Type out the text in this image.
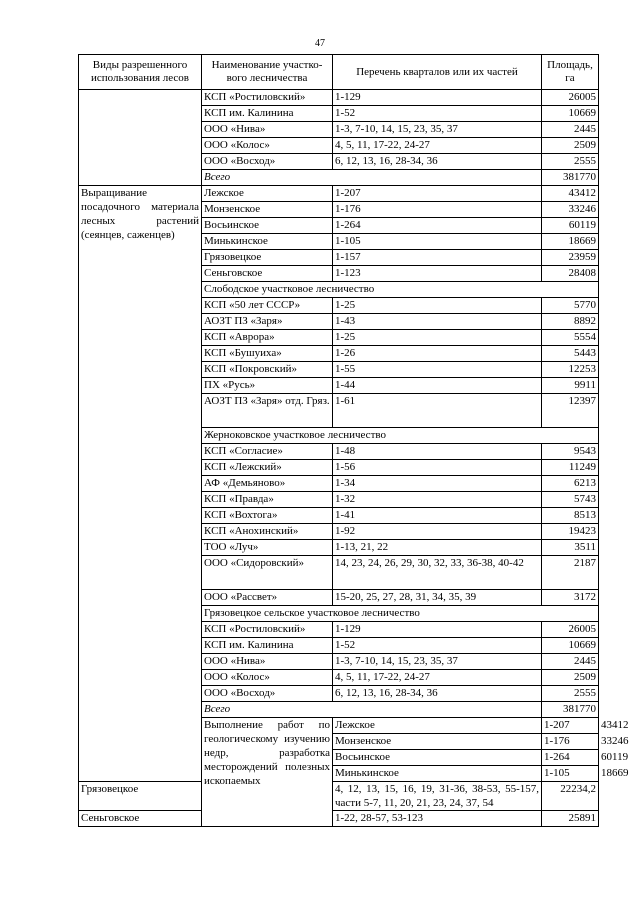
47
Виды разрешенного использования лесов	Наименование участко-вого лесничества	Перечень кварталов или их частей	Площадь, га	
	КСП «Ростиловский»	1-129	26005	
	КСП им. Калинина	1-52	10669	
	ООО «Нива»	1-3, 7-10, 14, 15, 23, 35, 37	2445	
	ООО «Колос»	4, 5, 11, 17-22, 24-27	2509	
	ООО «Восход»	6, 12, 13, 16, 28-34, 36	2555	
	Всего		381770	
Выращивание посадочного материала лесных растений (сеянцев, саженцев)	Лежское	1-207	43412	
	Монзенское	1-176	33246	
	Восьинское	1-264	60119	
	Минькинское	1-105	18669	
	Грязовецкое	1-157	23959	
	Сеньговское	1-123	28408	
	Слободское участковое лесничество			
	КСП «50 лет СССР»	1-25	5770	
	АОЗТ ПЗ «Заря»	1-43	8892	
	КСП «Аврора»	1-25	5554	
	КСП «Бушуиха»	1-26	5443	
	КСП «Покровский»	1-55	12253	
	ПХ «Русь»	1-44	9911	
	АОЗТ ПЗ «Заря» отд. Гряз.	1-61	12397	
	Жерноковское участковое лесничество			
	КСП «Согласие»	1-48	9543	
	КСП «Лежский»	1-56	11249	
	АФ «Демьяново»	1-34	6213	
	КСП «Правда»	1-32	5743	
	КСП «Вохтога»	1-41	8513	
	КСП «Анохинский»	1-92	19423	
	ТОО «Луч»	1-13, 21, 22	3511	
	ООО «Сидоровский»	14, 23, 24, 26, 29, 30, 32, 33, 36-38, 40-42	2187	
	ООО «Рассвет»	15-20, 25, 27, 28, 31, 34, 35, 39	3172	
	Грязовецкое сельское участковое лесничество			
	КСП «Ростиловский»	1-129	26005	
	КСП им. Калинина	1-52	10669	
	ООО «Нива»	1-3, 7-10, 14, 15, 23, 35, 37	2445	
	ООО «Колос»	4, 5, 11, 17-22, 24-27	2509	
	ООО «Восход»	6, 12, 13, 16, 28-34, 36	2555	
	Всего		381770	
	Выполнение работ по геологическому изучению недр, разработка месторождений полезных ископаемых	Лежское	1-207	43412
		Монзенское	1-176	33246
		Восьинское	1-264	60119
		Минькинское	1-105	18669
Грязовецкое		4, 12, 13, 15, 16, 19, 31-36, 38-53, 55-157, части 5-7, 11, 20, 21, 23, 24, 37, 54	22234,2	
Сеньговское		1-22, 28-57, 53-123	25891	
